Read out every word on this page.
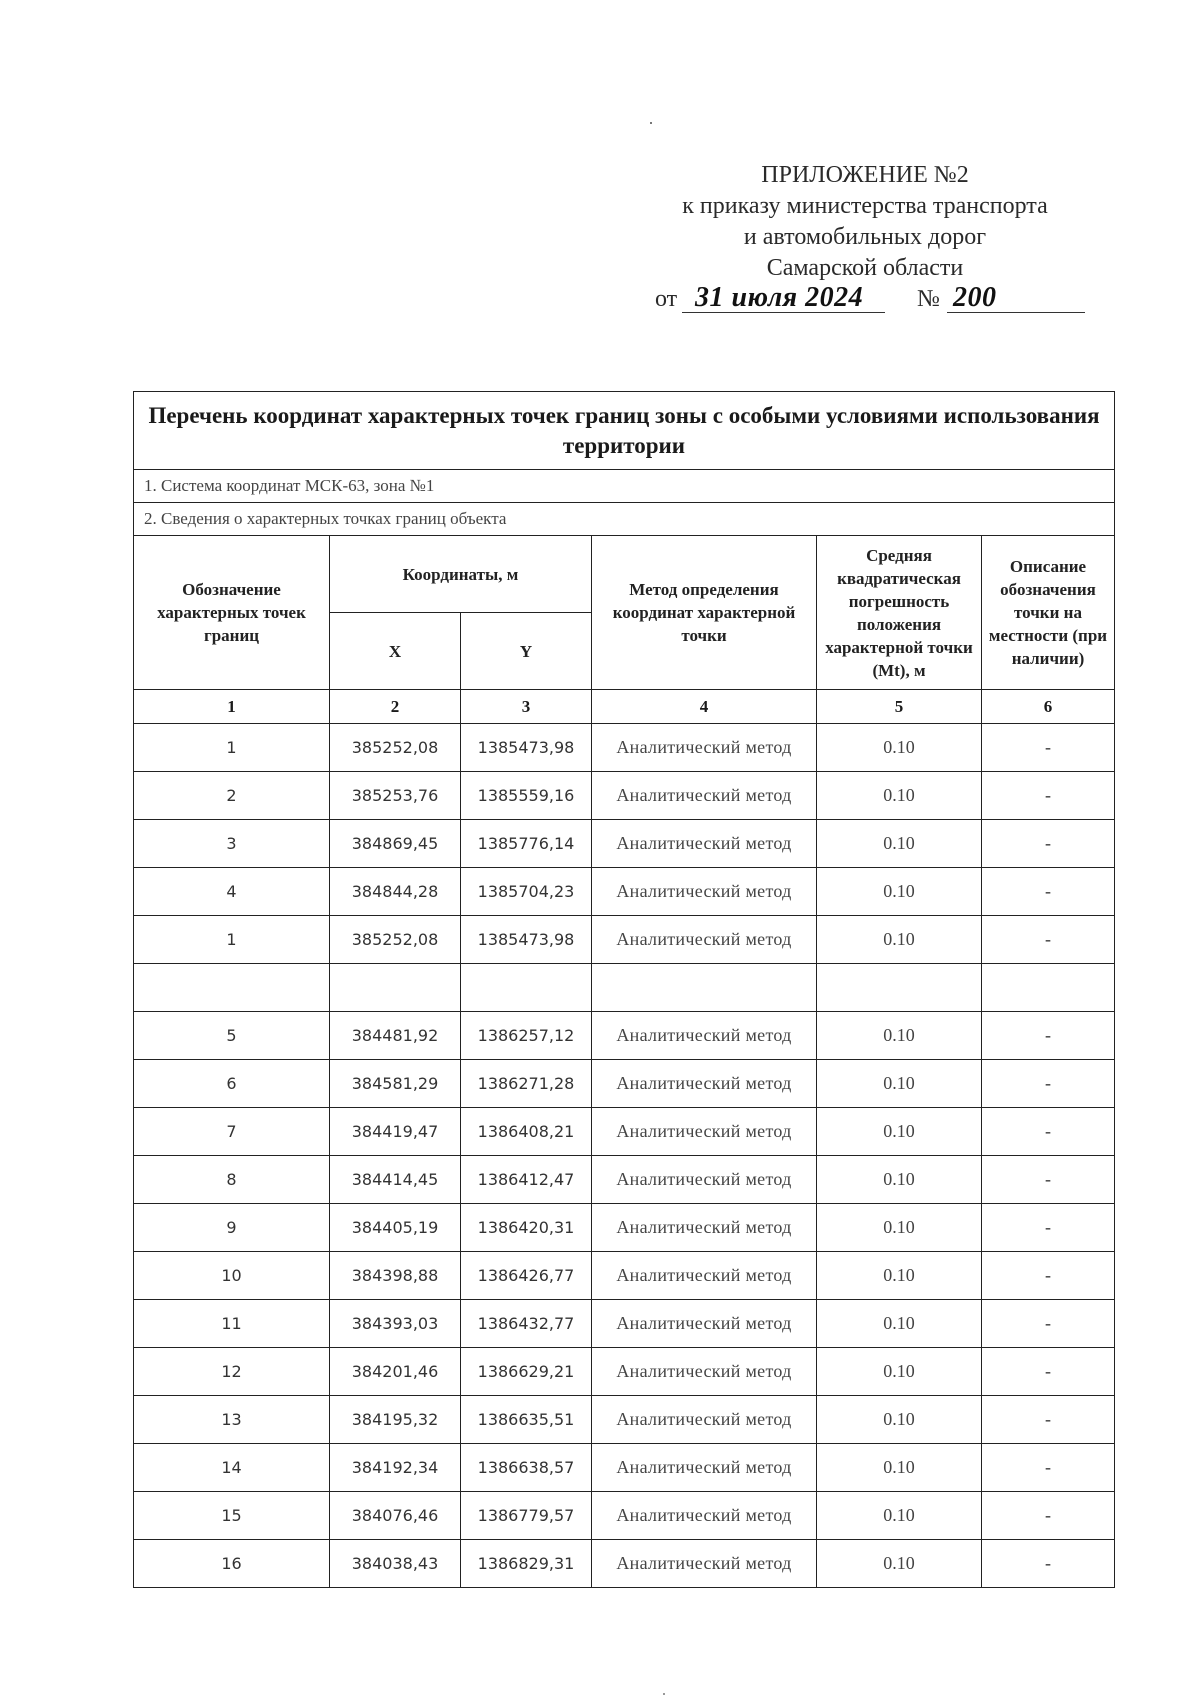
ПРИЛОЖЕНИЕ №2
к приказу министерства транспорта
и автомобильных дорог
Самарской области
от 31 июля 2024 № 200
Перечень координат характерных точек границ зоны с особыми условиями использования территории					
1. Система координат МСК-63, зона №1					
2. Сведения о характерных точках границ объекта					
Обозначение характерных точек границ	Координаты, м		Метод определения координат характерной точки	Средняя квадратическая погрешность положения характерной точки (Mt), м	Описание обозначения точки на местности (при наличии)
	X	Y			
1	2	3	4	5	6
1	385252,08	1385473,98	Аналитический метод	0.10	-
2	385253,76	1385559,16	Аналитический метод	0.10	-
3	384869,45	1385776,14	Аналитический метод	0.10	-
4	384844,28	1385704,23	Аналитический метод	0.10	-
1	385252,08	1385473,98	Аналитический метод	0.10	-

5	384481,92	1386257,12	Аналитический метод	0.10	-
6	384581,29	1386271,28	Аналитический метод	0.10	-
7	384419,47	1386408,21	Аналитический метод	0.10	-
8	384414,45	1386412,47	Аналитический метод	0.10	-
9	384405,19	1386420,31	Аналитический метод	0.10	-
10	384398,88	1386426,77	Аналитический метод	0.10	-
11	384393,03	1386432,77	Аналитический метод	0.10	-
12	384201,46	1386629,21	Аналитический метод	0.10	-
13	384195,32	1386635,51	Аналитический метод	0.10	-
14	384192,34	1386638,57	Аналитический метод	0.10	-
15	384076,46	1386779,57	Аналитический метод	0.10	-
16	384038,43	1386829,31	Аналитический метод	0.10	-
